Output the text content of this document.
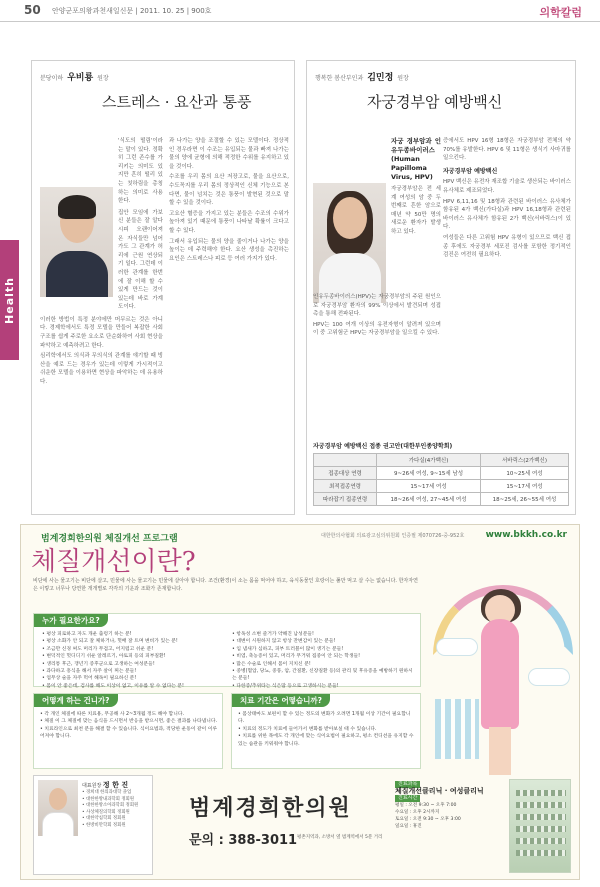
50 안양군포의왕과천새일신문 | 2011. 10. 25 | 900호	의학칼럼
Health
분당이하 우비룡 원장
스트레스 · 요산과 통풍

'식도의 떨림'이라는 말이 있다. 정확히 그런 존수를 가리키는 의미도 있지만 흔히 떨리 있는 칫하림을 총칭하는 의미로 사용한다.

집안 모임에 가보신 분들은 잘 알다시피 오랜이어져 온 자식들만 넘어가도 그 관계가 허리에 근원 연상되기 일다. 그런데 이러한 관계를 한번에 잘 이해 할 수 있게 만드는 것이 있는데 바로 가계도이다.

이러한 방법이 특정 분야에만 머무르는 것은 아니다. 경제학에서도 특정 모델을 만들어 복잡한 사회 구조를 쉽게 주로한 요소로 단순화하여 사회 현상을 파악하고 예측하려고 한다.

심리학에서도 의식과 무의식의 관계를 얘기할 때 빙산을 예로 드는 경우가 있는데 이렇게 가시적이고 쉬운한 모델을 이용하면 현상을 파악하는 데 유용하다.

과 나가는 양을 조절할 수 있는 모델이다. 정상적인 경우라면 이 수조는 유입되는 물과 빠져 나가는 물의 양에 균형에 의해 적정한 수위를 유지하고 있을 것이다.

수조를 우리 몸의 요산 저장고로, 물을 요산으로, 수도꼭지를 우리 몸의 정상적인 신체 기능으로 본다면, 물이 넘치는 것은 통풍이 발현된 것으로 말할 수 있을 것이다.

고요산 혈증을 가지고 있는 분들은 수조의 수위가 높아져 있기 때문에 통풍이 나타날 확률이 크다고 할 수 있다.

그래서 유입되는 물의 양을 줄이거나 나가는 양을 높이는 데 주력해야 한다. 요산 생성을 촉진하는 요인은 스트레스나 피로 등 여러 가지가 있다.

행복한 봄산부인과 김민정 원장
자궁경부암 예방백신

자궁 경부암과 인유두종바이러스(Human Papilloma Virus, HPV)

자궁경부암은 전 세계 여성의 암 중 두 번째로 흔한 암으로 매년 약 50만 명의 새로운 환자가 발생하고 있다.

인유두종바이러스(HPV)는 자궁경부암의 주된 원인으로 자궁경부암 환자의 99% 이상에서 발견되며 성접촉을 통해 전파된다.

HPV는 100 여개 이상의 유전자형이 알려져 있으며 이 중 고위험군 HPV는 자궁경부암을 일으킬 수 있다.

증에서도 HPV 16형 18형은 자궁경부암 전체의 약 70%를 유발한다. HPV 6 및 11형은 생식기 사마귀를 일으킨다.

자궁경부암 예방백신

HPV 백신은 유전자 재조합 기술로 생산되는 바이러스 유사체로 제조되었다.

HPV 6,11,16 및 18형과 관련된 바이러스 유사체가 함유된 4가 백신(가다실)과 HPV 16,18형과 관련된 바이러스 유사체가 함유된 2가 백신(서바릭스)이 있다.

여성들은 다른 고위험 HPV 유형이 있으므로 백신 접종 후에도 자궁경부 세포진 검사를 포함한 정기적인 검진은 여전히 필요하다.

자궁경부암 예방백신 접종 권고안(대한부인종양학회)
	가다실(4가백신)	서바릭스(2가백신)
접종대상 연령	9~26세 여성, 9~15세 남성	10~25세 여성
최적접종연령	15~17세 여성	15~17세 여성
따라잡기 접종연령	18~26세 여성, 27~45세 여성	18~25세, 26~55세 여성
범계경희한의원 체질개선 프로그램	대한한의사협회 의료광고심의위원회 인증필 제070726-중-952호 www.bkkh.co.kr
체질개선이란?
비단에 사는 물고기는 비단에 살고, 민물에 사는 물고기는 민물에 살아야 합니다. 조건(환경)이 소는 몸을 먹어야 하고, 육식동물인 호랑이는 풀만 먹고 살 수는 없습니다. 한자자연은 이렇고 너무나 당연한 개개별로 각각의 기운과 조화가 존재합니다.
누가 필요한가요?
• 평상 피로하고 자도 개운 출렁기 하는 분!
• 평상 소화가 안 되고 잘 체하거나, 헛배 잘 트며 변비가 있는 분!
• 조금만 신경 써도 머리가 무겁고, 어지럽고 쉬운 분!
• 변덕적인 헛디디기 쉬운 알레르기, 아토피 등의 피부질환!
• 생리통 후근, 갱년기 증후군으로 고생하는 여성분들!
• 과다하고 흥식을 해서 자주 살이 찌는 분들!
• 업무상 술을 자주 먹어 해독이 필요하신 분!
• 몸이 안 좋은데, 검사를 해도 이상이 없고, 이유를 알 수 없다는 분!
• 항독성 소변 즐거가 약해진 남성분들!
• 대변이 시원하지 않고 항상 잔변감이 있는 분들!
• 입 냄새가 심하고, 피부 트러블이 많이 생기는 분들!
• 비염, 축농증이 있고, 머리가 무거워 집중이 안 되는 학생들!
• 많은 수술로 인해서 몸이 지치신 분!
• 중병(혈압, 당뇨, 중풍, 암, 간질환, 신장질환 등)의 관리 및 후유증을 예방하기 원하시는 분들!
• 다한증/추위타는 식은땀 등으로 고생하시는 분들!
어떻게 하는 건니가?
• 각 개인 체질에 따른 치료용, 무공해 사 2~3개월 정도 해야 합니다.
• 체질 이 그 체질에 맞는 음식을 드시면서 반응을 받으시면, 좋은 결과를 나타냅니다.
• 치료라인으로 최천 분을 해결 할 수 있습니다. 식이요법과, 적당한 운동이 같이 이루어져야 합니다.
치료 기간은 어떻습니까?
• 몸상태마도 보편이 할 수 있는 정도의 변화가 오려면 1개월 이상 기간이 필요합니다.
• 치료의 정도가 치료에 들어가서 변화를 받아보실 때 수 있습니다.
• 치료를 위한 목에도 각 개인에 맞는 식이요법이 필요하고, 평소 컨디션을 유지할 수 있는 습관을 키워줘야 합니다.
대표원장 정 한 진
• 경희대 한의과대학 졸업
• 대한한방내과학회 정회원
• 대한한방소아과학회 정회원
• 사상체질의학회 정회원
• 대한약침학회 정회원
• 한방비만학회 정회원
범계경희한의원
문의 : 388-3011 평촌지역과, 소방서 옆 범계역에서 5분 거리
진료과목
체질개선클리닉 · 여성클리닉
진료시간
평일 : 오전 9:30 ~ 오후 7:00
수요일 : 오후 2시까지
토요일 : 오전 9:30 ~ 오후 3:00
일요일 : 휴진
